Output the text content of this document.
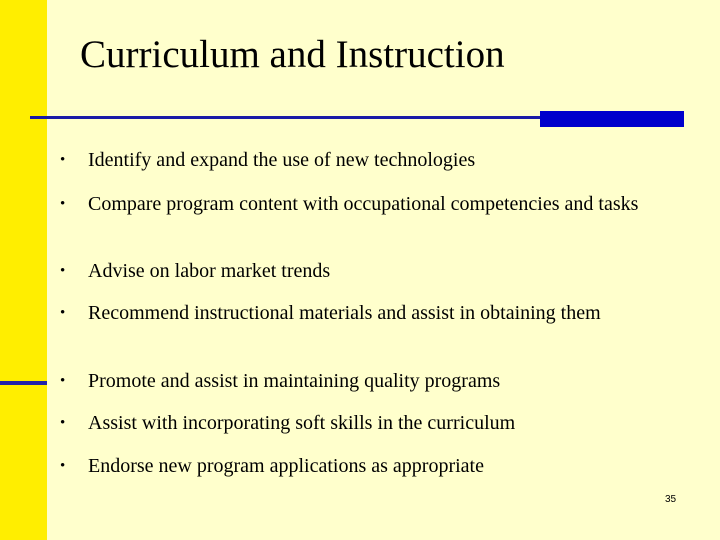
Curriculum and Instruction
• Identify and expand the use of new technologies
• Compare program content with occupational competencies and tasks
• Advise on labor market trends
• Recommend instructional materials and assist in obtaining them
• Promote and assist in maintaining quality programs
• Assist with incorporating soft skills in the curriculum
• Endorse new program applications as appropriate
35
